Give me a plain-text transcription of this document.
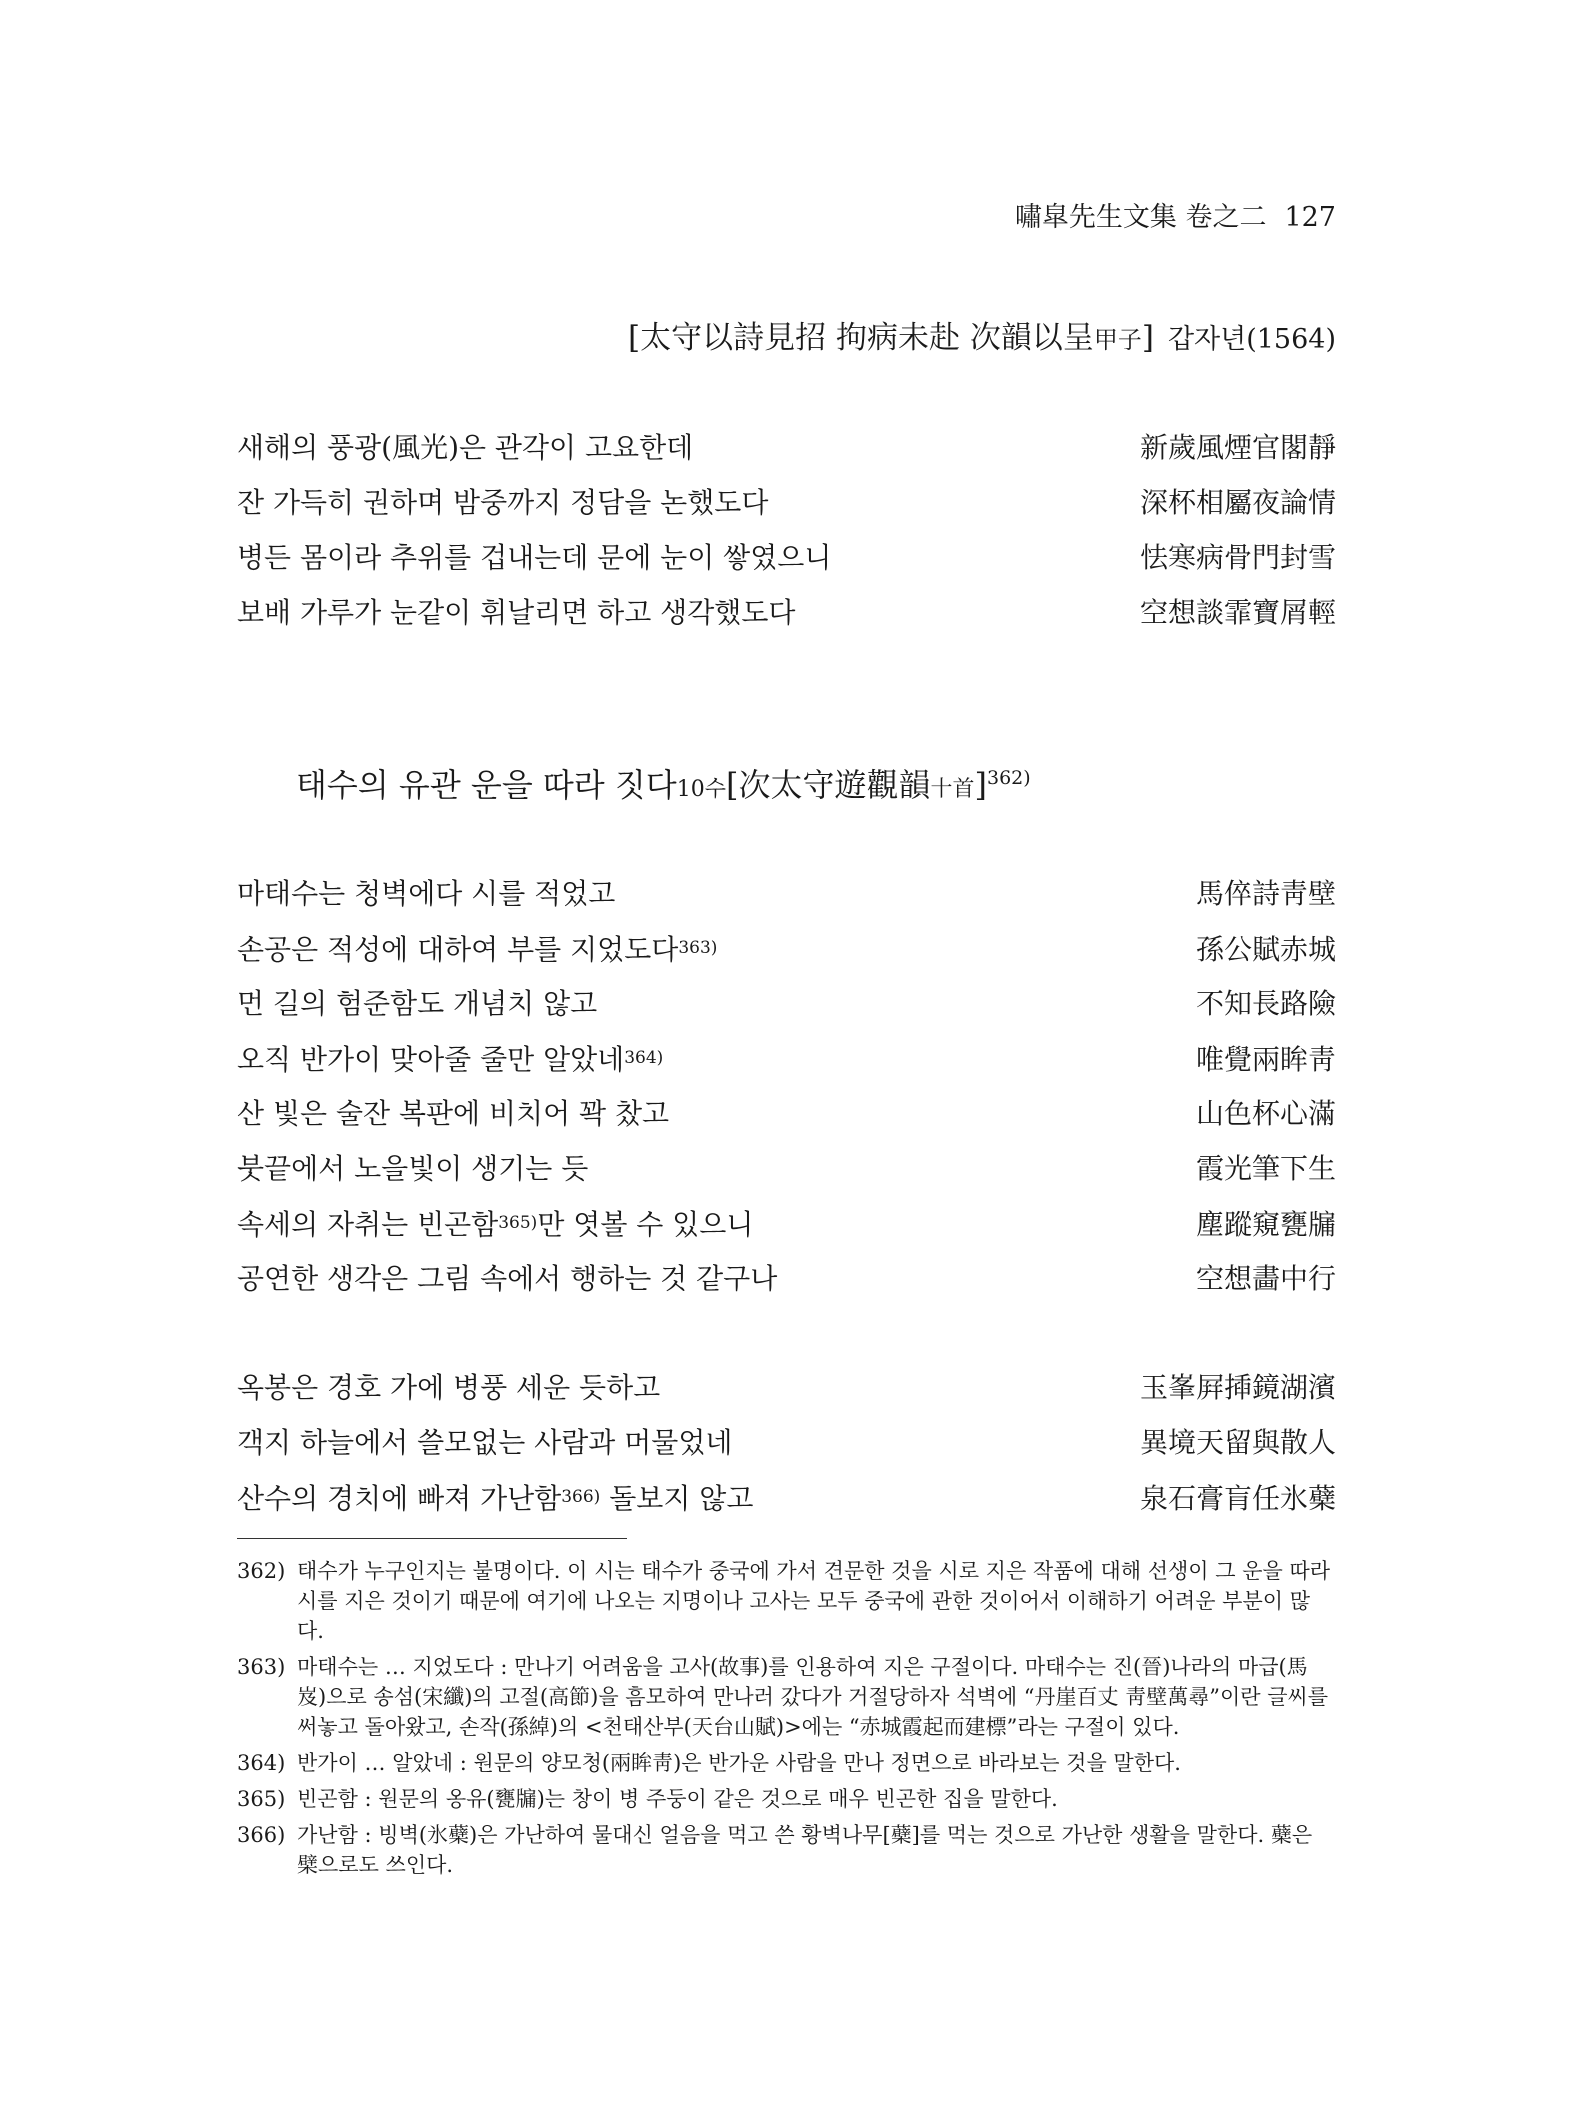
嘯皐先生文集 卷之二 127
[太守以詩見招 拘病未赴 次韻以呈甲子] 갑자년(1564)
새해의 풍광(風光)은 관각이 고요한데	新歲風煙官閣靜
잔 가득히 권하며 밤중까지 정담을 논했도다	深杯相屬夜論情
병든 몸이라 추위를 겁내는데 문에 눈이 쌓였으니	怯寒病骨門封雪
보배 가루가 눈같이 휘날리면 하고 생각했도다	空想談霏寶屑輕
태수의 유관 운을 따라 짓다10수[次太守遊觀韻十首]$^{362)}$
마태수는 청벽에다 시를 적었고	馬倅詩靑壁
손공은 적성에 대하여 부를 지었도다$^{363)}$	孫公賦赤城
먼 길의 험준함도 개념치 않고	不知長路險
오직 반가이 맞아줄 줄만 알았네$^{364)}$	唯覺兩眸靑
산 빛은 술잔 복판에 비치어 꽉 찼고	山色杯心滿
붓끝에서 노을빛이 생기는 듯	霞光筆下生
속세의 자취는 빈곤함$^{365)}$만 엿볼 수 있으니	塵蹤窺甕牖
공연한 생각은 그림 속에서 행하는 것 같구나	空想畵中行
옥봉은 경호 가에 병풍 세운 듯하고	玉峯屛揷鏡湖濱
객지 하늘에서 쓸모없는 사람과 머물었네	異境天留與散人
산수의 경치에 빠져 가난함$^{366)}$ 돌보지 않고	泉石膏肓任氷蘗
362) 태수가 누구인지는 불명이다. 이 시는 태수가 중국에 가서 견문한 것을 시로 지은 작품에 대해 선생이 그 운을 따라 시를 지은 것이기 때문에 여기에 나오는 지명이나 고사는 모두 중국에 관한 것이어서 이해하기 어려운 부분이 많다.
363) 마태수는 … 지었도다 : 만나기 어려움을 고사(故事)를 인용하여 지은 구절이다. 마태수는 진(晉)나라의 마급(馬岌)으로 송섬(宋纖)의 고절(高節)을 흠모하여 만나러 갔다가 거절당하자 석벽에 “丹崖百丈 靑壁萬尋”이란 글씨를 써놓고 돌아왔고, 손작(孫綽)의 <천태산부(天台山賦)>에는 “赤城霞起而建標”라는 구절이 있다.
364) 반가이 … 알았네 : 원문의 양모청(兩眸靑)은 반가운 사람을 만나 정면으로 바라보는 것을 말한다.
365) 빈곤함 : 원문의 옹유(甕牖)는 창이 병 주둥이 같은 것으로 매우 빈곤한 집을 말한다.
366) 가난함 : 빙벽(氷蘗)은 가난하여 물대신 얼음을 먹고 쓴 황벽나무[蘗]를 먹는 것으로 가난한 생활을 말한다. 蘗은 檗으로도 쓰인다.
